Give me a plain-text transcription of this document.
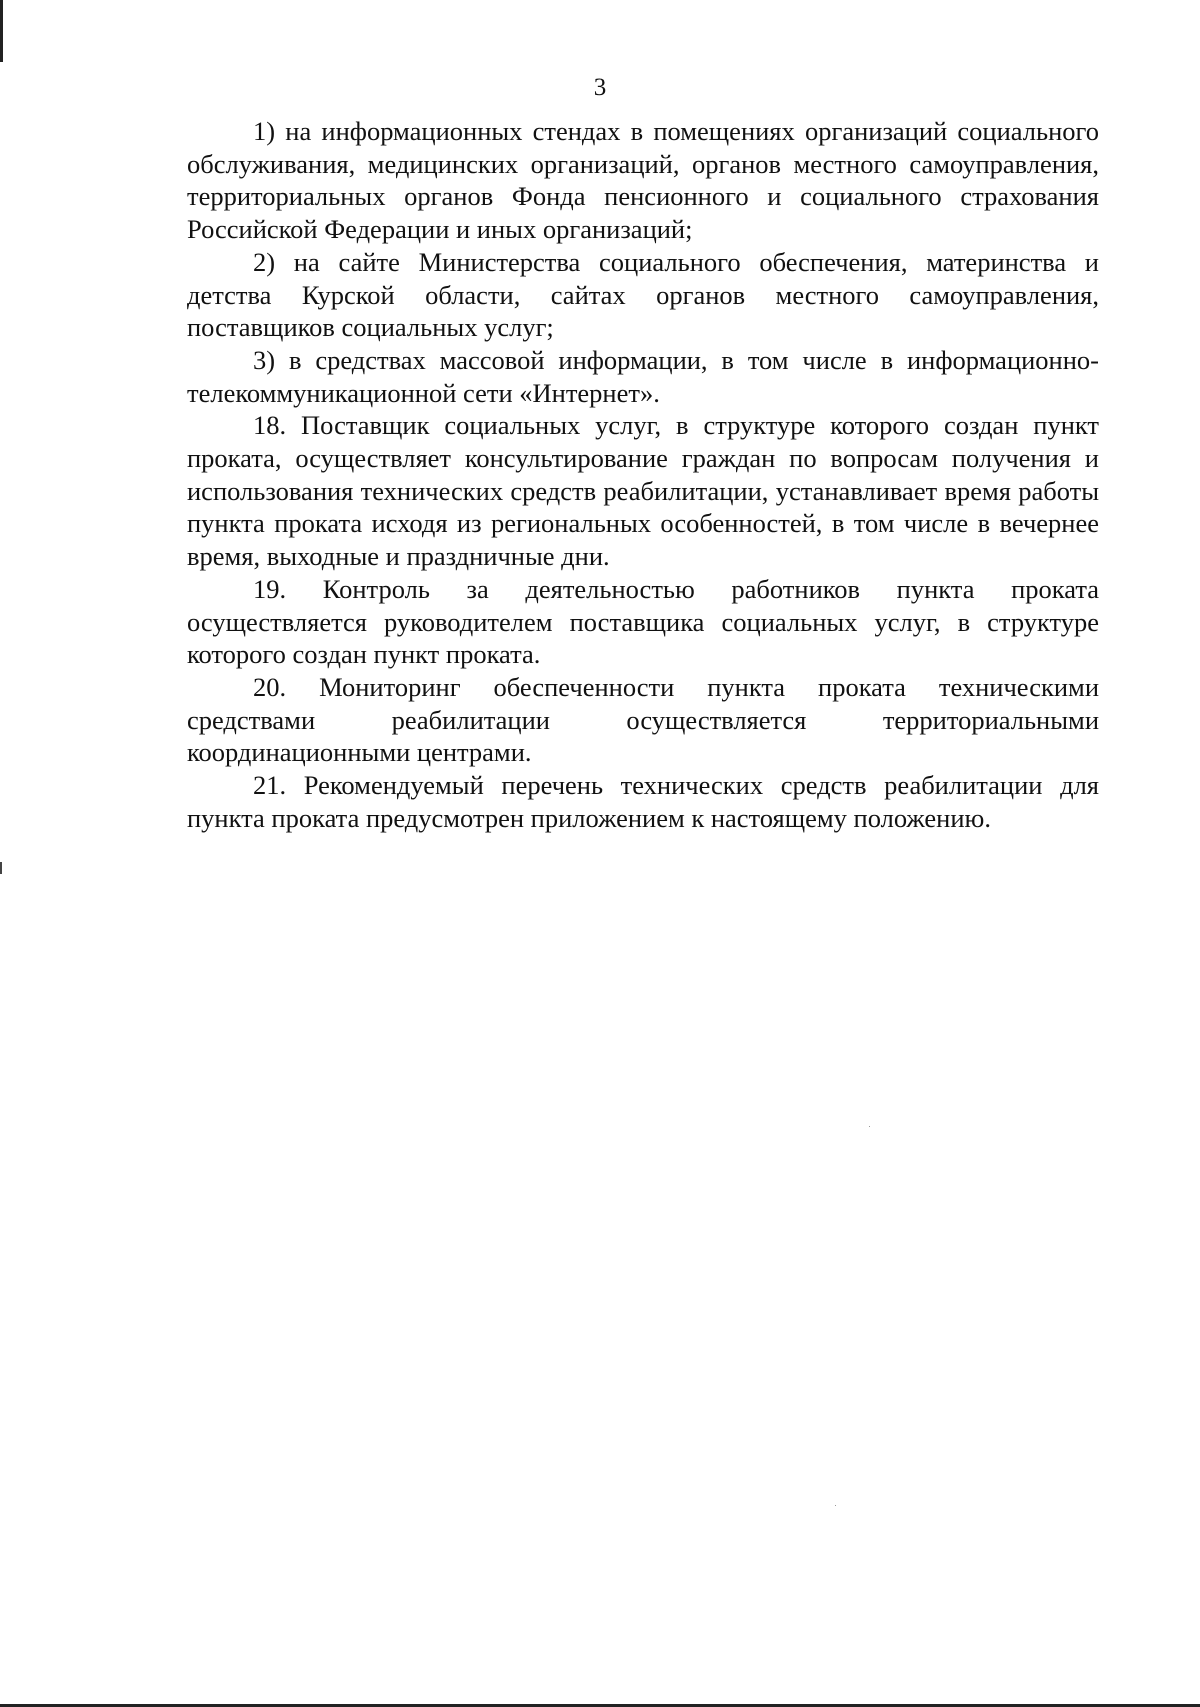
3

1) на информационных стендах в помещениях организаций социального обслуживания, медицинских организаций, органов местного самоуправления, территориальных органов Фонда пенсионного и социального страхования Российской Федерации и иных организаций;

2) на сайте Министерства социального обеспечения, материнства и детства Курской области, сайтах органов местного самоуправления, поставщиков социальных услуг;

3) в средствах массовой информации, в том числе в информационно-телекоммуникационной сети «Интернет».

18. Поставщик социальных услуг, в структуре которого создан пункт проката, осуществляет консультирование граждан по вопросам получения и использования технических средств реабилитации, устанавливает время работы пункта проката исходя из региональных особенностей, в том числе в вечернее время, выходные и праздничные дни.

19. Контроль за деятельностью работников пункта проката осуществляется руководителем поставщика социальных услуг, в структуре которого создан пункт проката.

20. Мониторинг обеспеченности пункта проката техническими средствами реабилитации осуществляется территориальными координационными центрами.

21. Рекомендуемый перечень технических средств реабилитации для пункта проката предусмотрен приложением к настоящему положению.
